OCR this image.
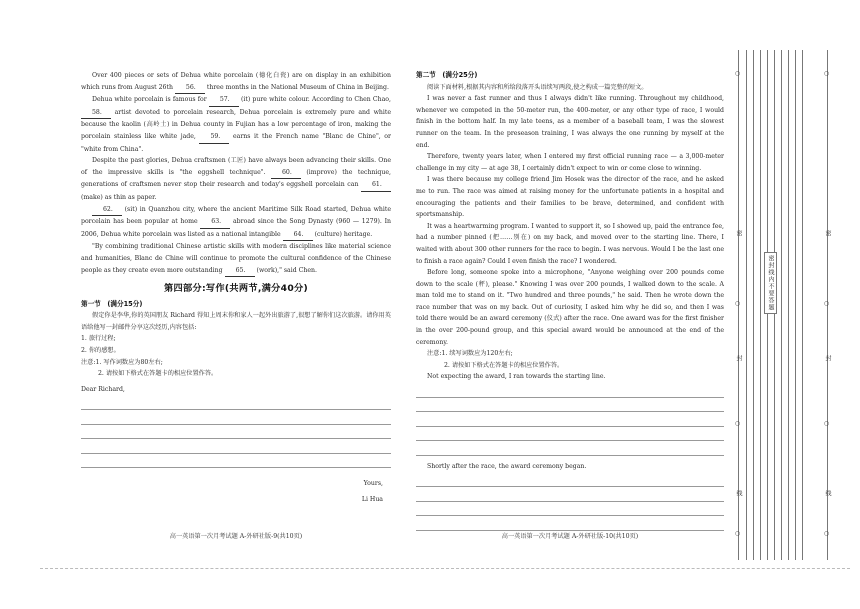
Over 400 pieces or sets of Dehua white porcelain (德化白瓷) are on display in an exhibition which runs from August 26th 56. three months in the National Museum of China in Beijing.

Dehua white porcelain is famous for 57. (it) pure white colour. According to Chen Chao, 58. artist devoted to porcelain research, Dehua porcelain is extremely pure and white because the kaolin (高岭土) in Dehua county in Fujian has a low percentage of iron, making the porcelain stainless like white jade, 59. earns it the French name "Blanc de Chine", or "white from China".

Despite the past glories, Dehua craftsmen (工匠) have always been advancing their skills. One of the impressive skills is "the eggshell technique". 60. (improve) the technique, generations of craftsmen never stop their research and today's eggshell porcelain can 61. (make) as thin as paper.

62. (sit) in Quanzhou city, where the ancient Maritime Silk Road started, Dehua white porcelain has been popular at home 63. abroad since the Song Dynasty (960 — 1279). In 2006, Dehua white porcelain was listed as a national intangible 64. (culture) heritage.

"By combining traditional Chinese artistic skills with modern disciplines like material science and humanities, Blanc de Chine will continue to promote the cultural confidence of the Chinese people as they create even more outstanding 65. (work)," said Chen.

第四部分:写作(共两节,满分40分)
第一节　(满分15分)

假定你是李华,你的英国朋友 Richard 得知上周末你和家人一起外出旅游了,很想了解你们这次旅游。请你用英语给他写一封邮件分享这次经历,内容包括:

1. 旅行过程;

2. 你的感想。

注意:1. 写作词数应为80左右;

2. 请按如下格式在答题卡的相应位置作答。

Dear Richard,

Yours,

Li Hua

第二节　(满分25分)

阅读下面材料,根据其内容和所给段落开头语续写两段,使之构成一篇完整的短文。

I was never a fast runner and thus I always didn't like running. Throughout my childhood, whenever we competed in the 50-meter run, the 400-meter, or any other type of race, I would finish in the bottom half. In my late teens, as a member of a baseball team, I was the slowest runner on the team. In the preseason training, I was always the one running by myself at the end.

Therefore, twenty years later, when I entered my first official running race — a 3,000-meter challenge in my city — at age 38, I certainly didn't expect to win or come close to winning.

I was there because my college friend Jim Hosek was the director of the race, and he asked me to run. The race was aimed at raising money for the unfortunate patients in a hospital and encouraging the patients and their families to be brave, determined, and confident with sportsmanship.

It was a heartwarming program. I wanted to support it, so I showed up, paid the entrance fee, had a number pinned (把……别在) on my back, and moved over to the starting line. There, I waited with about 300 other runners for the race to begin. I was nervous. Would I be the last one to finish a race again? Could I even finish the race? I wondered.

Before long, someone spoke into a microphone, "Anyone weighing over 200 pounds come down to the scale (秤), please." Knowing I was over 200 pounds, I walked down to the scale. A man told me to stand on it. "Two hundred and three pounds," he said. Then he wrote down the race number that was on my back. Out of curiosity, I asked him why he did so, and then I was told there would be an award ceremony (仪式) after the race. One award was for the first finisher in the over 200-pound group, and this special award would be announced at the end of the ceremony.

注意:1. 续写词数应为120左右;

2. 请按如下格式在答题卡的相应位置作答。

Not expecting the award, I ran towards the starting line.

Shortly after the race, the award ceremony began.

高一英语第一次月考试题 A-外研社版-9(共10页)	高一英语第一次月考试题 A-外研社版-10(共10页)
○
密
○
封
○
线
○
○
密
○
封
○
线
○
密封线内不要答题
